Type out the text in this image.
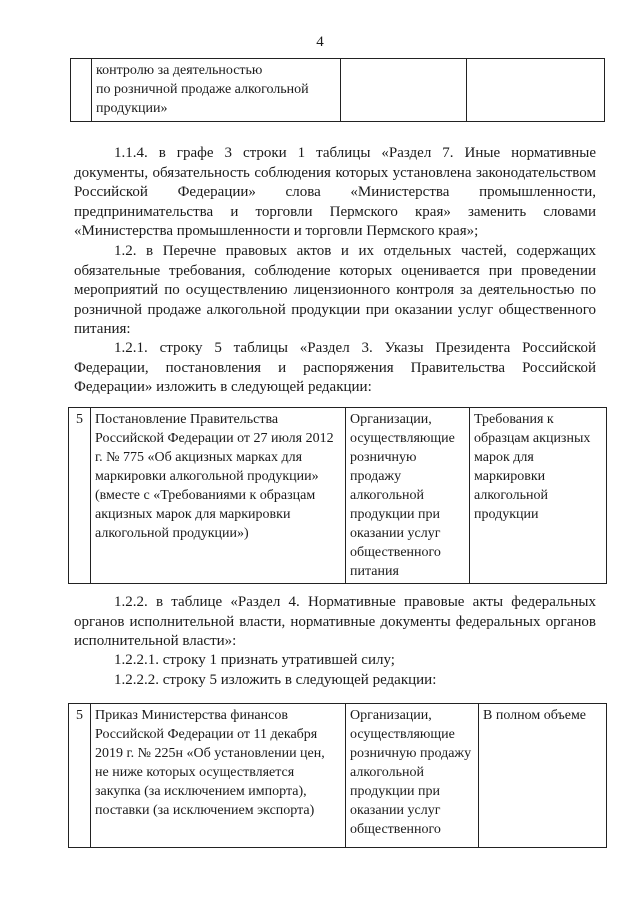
4
	контролю за деятельностью
по розничной продаже алкогольной
продукции»		
1.1.4. в графе 3 строки 1 таблицы «Раздел 7. Иные нормативные документы, обязательность соблюдения которых установлена законодательством Российской Федерации» слова «Министерства промышленности, предпринимательства и торговли Пермского края» заменить словами «Министерства промышленности и торговли Пермского края»;
1.2. в Перечне правовых актов и их отдельных частей, содержащих обязательные требования, соблюдение которых оценивается при проведении мероприятий по осуществлению лицензионного контроля за деятельностью по розничной продаже алкогольной продукции при оказании услуг общественного питания:
1.2.1. строку 5 таблицы «Раздел 3. Указы Президента Российской Федерации, постановления и распоряжения Правительства Российской Федерации» изложить в следующей редакции:
5	Постановление Правительства Российской Федерации от 27 июля 2012 г. № 775 «Об акцизных марках для маркировки алкогольной продукции» (вместе с «Требованиями к образцам акцизных марок для маркировки алкогольной продукции»)	Организации, осуществляющие розничную продажу алкогольной продукции при оказании услуг общественного питания	Требования к образцам акцизных марок для маркировки алкогольной продукции
1.2.2. в таблице «Раздел 4. Нормативные правовые акты федеральных органов исполнительной власти, нормативные документы федеральных органов исполнительной власти»:
1.2.2.1. строку 1 признать утратившей силу;
1.2.2.2. строку 5 изложить в следующей редакции:
5	Приказ Министерства финансов Российской Федерации от 11 декабря 2019 г. № 225н «Об установлении цен, не ниже которых осуществляется закупка (за исключением импорта), поставки (за исключением экспорта)	Организации, осуществляющие розничную продажу алкогольной продукции при оказании услуг общественного	В полном объеме
